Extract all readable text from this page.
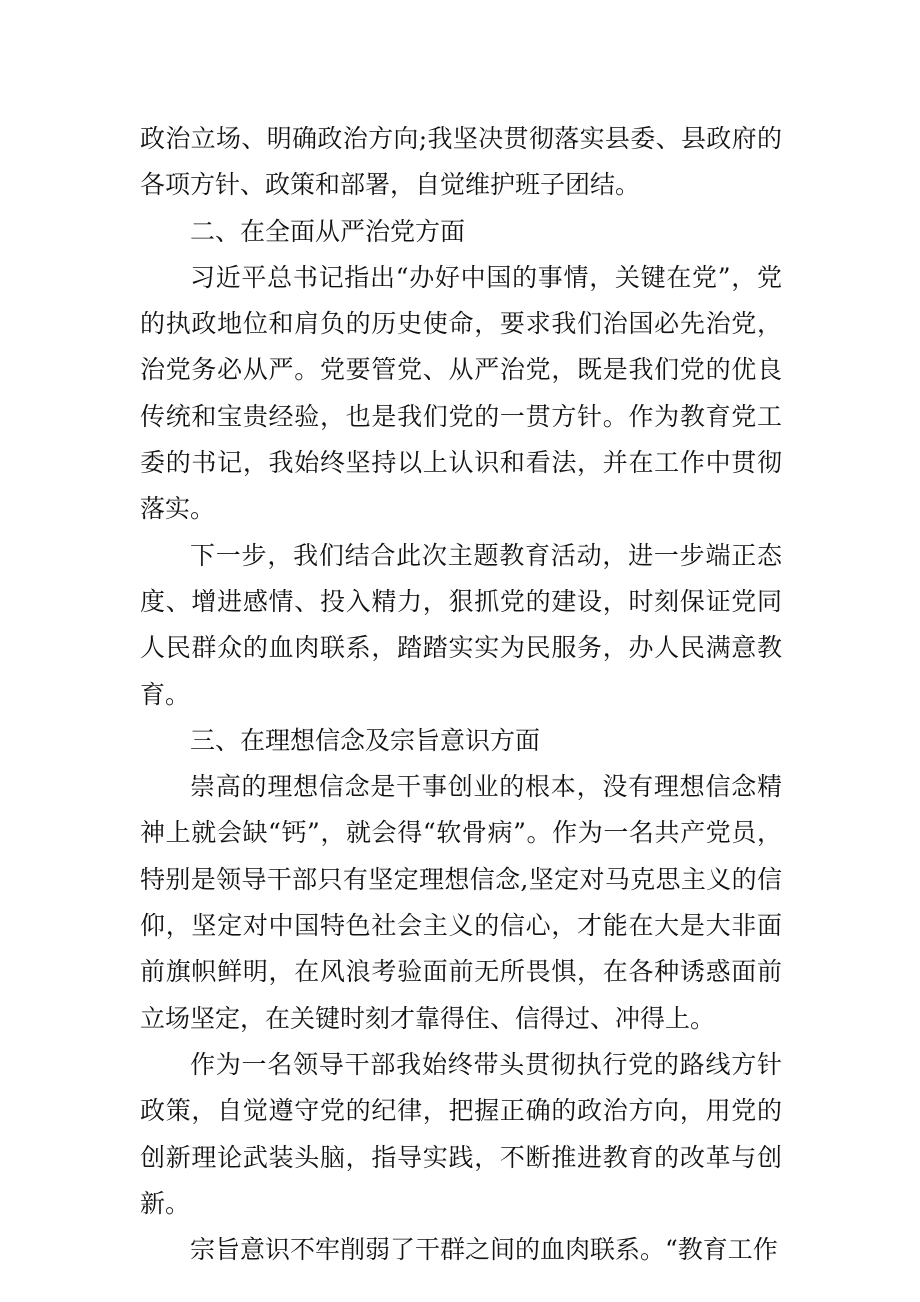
政治立场、明确政治方向;我坚决贯彻落实县委、县政府的各项方针、政策和部署，自觉维护班子团结。

二、在全面从严治党方面

习近平总书记指出“办好中国的事情，关键在党”，党的执政地位和肩负的历史使命，要求我们治国必先治党，治党务必从严。党要管党、从严治党，既是我们党的优良传统和宝贵经验，也是我们党的一贯方针。作为教育党工委的书记，我始终坚持以上认识和看法，并在工作中贯彻落实。

下一步，我们结合此次主题教育活动，进一步端正态度、增进感情、投入精力，狠抓党的建设，时刻保证党同人民群众的血肉联系，踏踏实实为民服务，办人民满意教育。

三、在理想信念及宗旨意识方面

崇高的理想信念是干事创业的根本，没有理想信念精神上就会缺“钙”，就会得“软骨病”。作为一名共产党员，特别是领导干部只有坚定理想信念,坚定对马克思主义的信仰，坚定对中国特色社会主义的信心，才能在大是大非面前旗帜鲜明，在风浪考验面前无所畏惧，在各种诱惑面前立场坚定，在关键时刻才靠得住、信得过、冲得上。

作为一名领导干部我始终带头贯彻执行党的路线方针政策，自觉遵守党的纪律，把握正确的政治方向，用党的创新理论武装头脑，指导实践，不断推进教育的改革与创新。

宗旨意识不牢削弱了干群之间的血肉联系。“教育工作
